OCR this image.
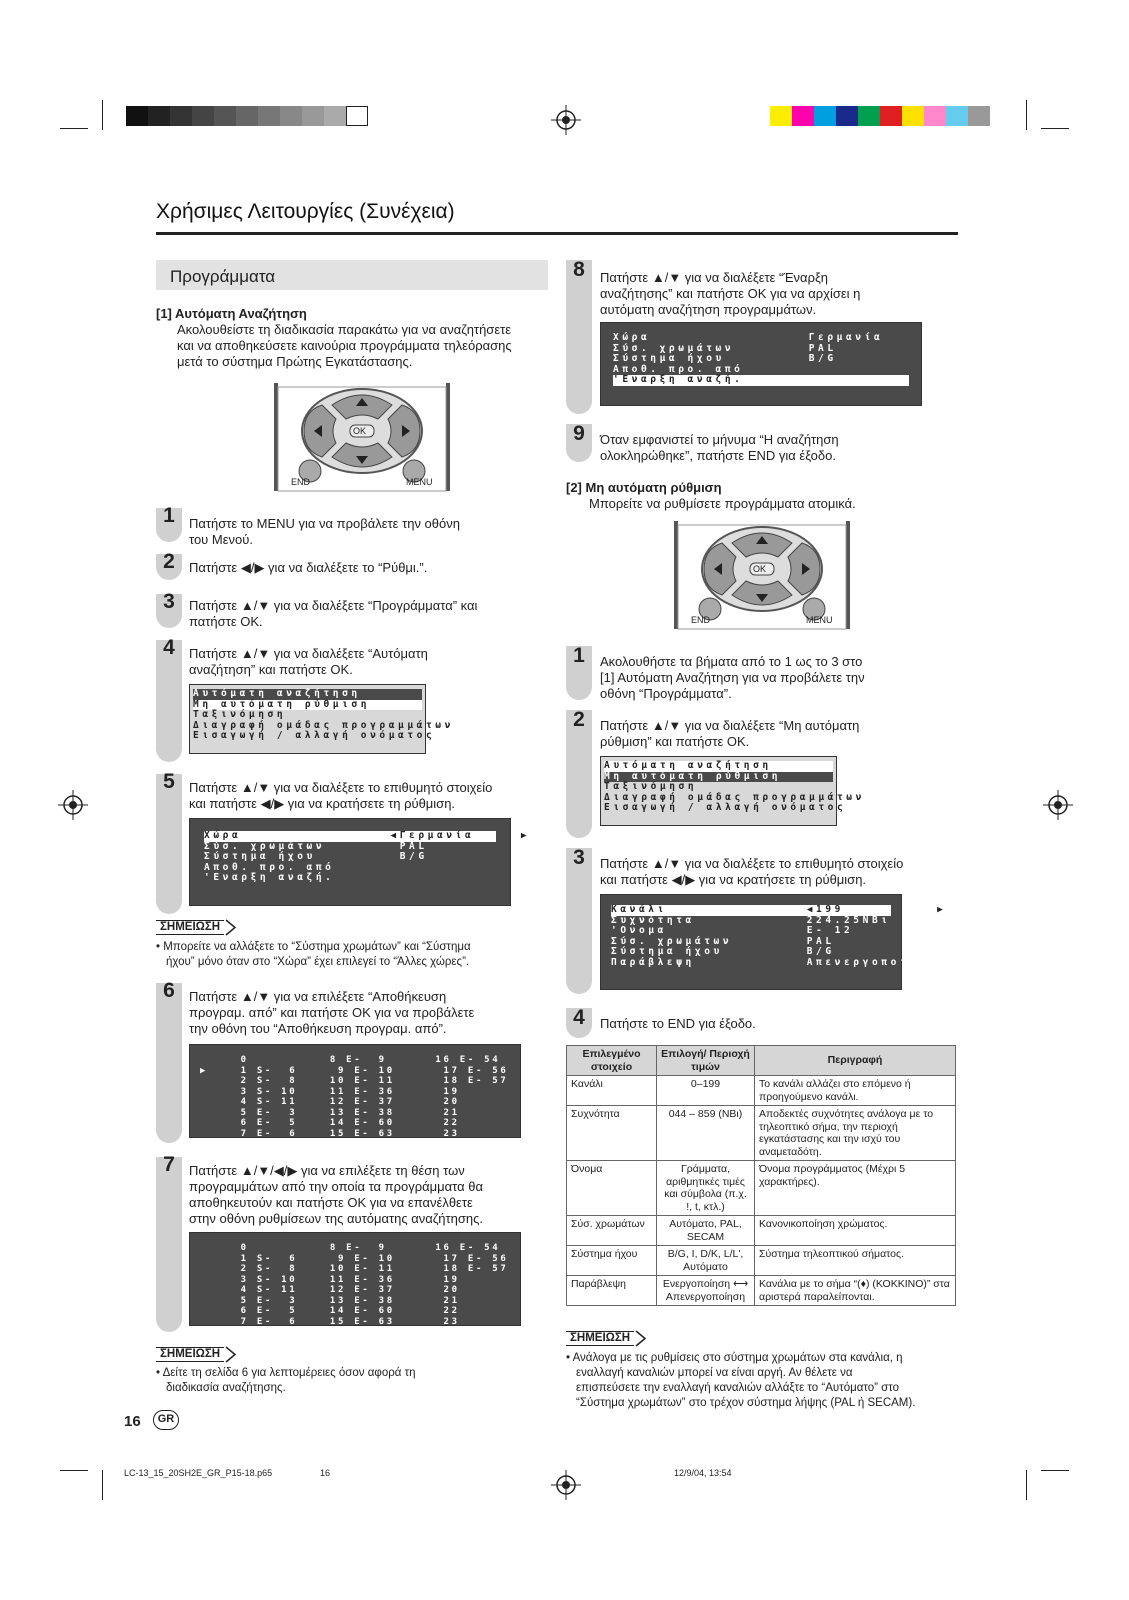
Χρήσιμες Λειτουργίες (Συνέχεια)
Προγράμματα
[1] Αυτόματη Αναζήτηση
Ακολουθείστε τη διαδικασία παρακάτω για να αναζητήσετε
και να αποθηκεύσετε καινούρια προγράμματα τηλεόρασης
μετά το σύστημα Πρώτης Εγκατάστασης.
OK
END	MENU
1	Πατήστε το MENU για να προβάλετε την οθόνη
του Μενού.
2	Πατήστε ◀/▶ για να διαλέξετε το “Ρύθμι.”.
3	Πατήστε ▲/▼ για να διαλέξετε “Προγράμματα” και
πατήστε OK.
4	Πατήστε ▲/▼ για να διαλέξετε “Αυτόματη
αναζήτηση” και πατήστε OK.
Αυτόματη αναζήτηση
Μη αυτόματη ρύθμιση
Ταξινόμηση
Διαγραφή ομάδας προγραμμάτων
Εισαγωγή / αλλαγή ονόματος
5	Πατήστε ▲/▼ για να διαλέξετε το επιθυμητό στοιχείο
και πατήστε ◀/▶ για να κρατήσετε τη ρύθμιση.
Χώρα                ◀Γερμανία     ▶
Σύσ. χρωμάτων        PAL
Σύστημα ήχου         B/G
Αποθ. προ. από
'Εναρξη αναζή.
ΣΗΜΕΙΩΣΗ
• Μπορείτε να αλλάξετε το “Σύστημα χρωμάτων” και “Σύστημα
ήχου” μόνο όταν στο “Χώρα” έχει επιλεγεί το “Άλλες χώρες”.
6	Πατήστε ▲/▼ για να επιλέξετε “Αποθήκευση
προγραμ. από” και πατήστε OK για να προβάλετε
την οθόνη του “Αποθήκευση προγραμ. από”.
0          8 E-  9      16 E- 54
▶    1 S-  6     9 E- 10      17 E- 56
2 S-  8    10 E- 11      18 E- 57
3 S- 10    11 E- 36      19
4 S- 11    12 E- 37      20
5 E-  3    13 E- 38      21
6 E-  5    14 E- 60      22
7 E-  6    15 E- 63      23
7	Πατήστε ▲/▼/◀/▶ για να επιλέξετε τη θέση των
προγραμμάτων από την οποία τα προγράμματα θα
αποθηκευτούν και πατήστε OK για να επανέλθετε
στην οθόνη ρυθμίσεων της αυτόματης αναζήτησης.
0          8 E-  9      16 E- 54
1 S-  6     9 E- 10      17 E- 56
2 S-  8    10 E- 11      18 E- 57
3 S- 10    11 E- 36      19
4 S- 11    12 E- 37      20
5 E-  3    13 E- 38      21
6 E-  5    14 E- 60      22
7 E-  6    15 E- 63      23
ΣΗΜΕΙΩΣΗ
• Δείτε τη σελίδα 6 για λεπτομέρειες όσον αφορά τη
διαδικασία αναζήτησης.
16	GR
8	Πατήστε ▲/▼ για να διαλέξετε “Έναρξη
αναζήτησης” και πατήστε OK για να αρχίσει η
αυτόματη αναζήτηση προγραμμάτων.
Χώρα                 Γερμανία
Σύσ. χρωμάτων        PAL
Σύστημα ήχου         B/G
Αποθ. προ. από
'Εναρξη αναζή.
9	Όταν εμφανιστεί το μήνυμα “Η αναζήτηση
ολοκληρώθηκε”, πατήστε END για έξοδο.
[2] Μη αυτόματη ρύθμιση
Μπορείτε να ρυθμίσετε προγράμματα ατομικά.
OK
END	MENU
1	Ακολουθήστε τα βήματα από το 1 ως το 3 στο
[1] Αυτόματη Αναζήτηση για να προβάλετε την
οθόνη “Προγράμματα”.
2	Πατήστε ▲/▼ για να διαλέξετε “Μη αυτόματη
ρύθμιση” και πατήστε OK.
Αυτόματη αναζήτηση
Μη αυτόματη ρύθμιση
Ταξινόμηση
Διαγραφή ομάδας προγραμμάτων
Εισαγωγή / αλλαγή ονόματος
3	Πατήστε ▲/▼ για να διαλέξετε το επιθυμητό στοιχείο
και πατήστε ◀/▶ για να κρατήσετε τη ρύθμιση.
Κανάλι               ◀199          ▶
Συχνότητα            224.25NBι
'Ονομα               E- 12
Σύσ. χρωμάτων        PAL
Σύστημα ήχου         B/G
Παράβλεψη            Απενεργοποίηση
4	Πατήστε το END για έξοδο.
Επιλεγμένο στοιχείο	Επιλογή/ Περιοχή τιμών	Περιγραφή
Κανάλι	0–199	Το κανάλι αλλάζει στο επόμενο ή προηγούμενο κανάλι.
Συχνότητα	044 – 859 (NBι)	Αποδεκτές συχνότητες ανάλογα με το τηλεοπτικό σήμα, την περιοχή εγκατάστασης και την ισχύ του αναμεταδότη.
Όνομα	Γράμματα, αριθμητικές τιμές και σύμβολα (π.χ. !, t, κτλ.)	Όνομα προγράμματος (Μέχρι 5 χαρακτήρες).
Σύσ. χρωμάτων	Αυτόματο, PAL, SECAM	Κανονικοποίηση χρώματος.
Σύστημα ήχου	B/G, I, D/K, L/L', Αυτόματο	Σύστημα τηλεοπτικού σήματος.
Παράβλεψη	Ενεργοποίηση ⟷ Απενεργοποίηση	Κανάλια με το σήμα “(♦) (ΚΟΚΚΙΝΟ)” στα αριστερά παραλείπονται.
ΣΗΜΕΙΩΣΗ
• Ανάλογα με τις ρυθμίσεις στο σύστημα χρωμάτων στα κανάλια, η
εναλλαγή καναλιών μπορεί να είναι αργή. Αν θέλετε να
επισπεύσετε την εναλλαγή καναλιών αλλάξτε το “Αυτόματο” στο
“Σύστημα χρωμάτων” στο τρέχον σύστημα λήψης (PAL ή SECAM).
LC-13_15_20SH2E_GR_P15-18.p65	16	12/9/04, 13:54
